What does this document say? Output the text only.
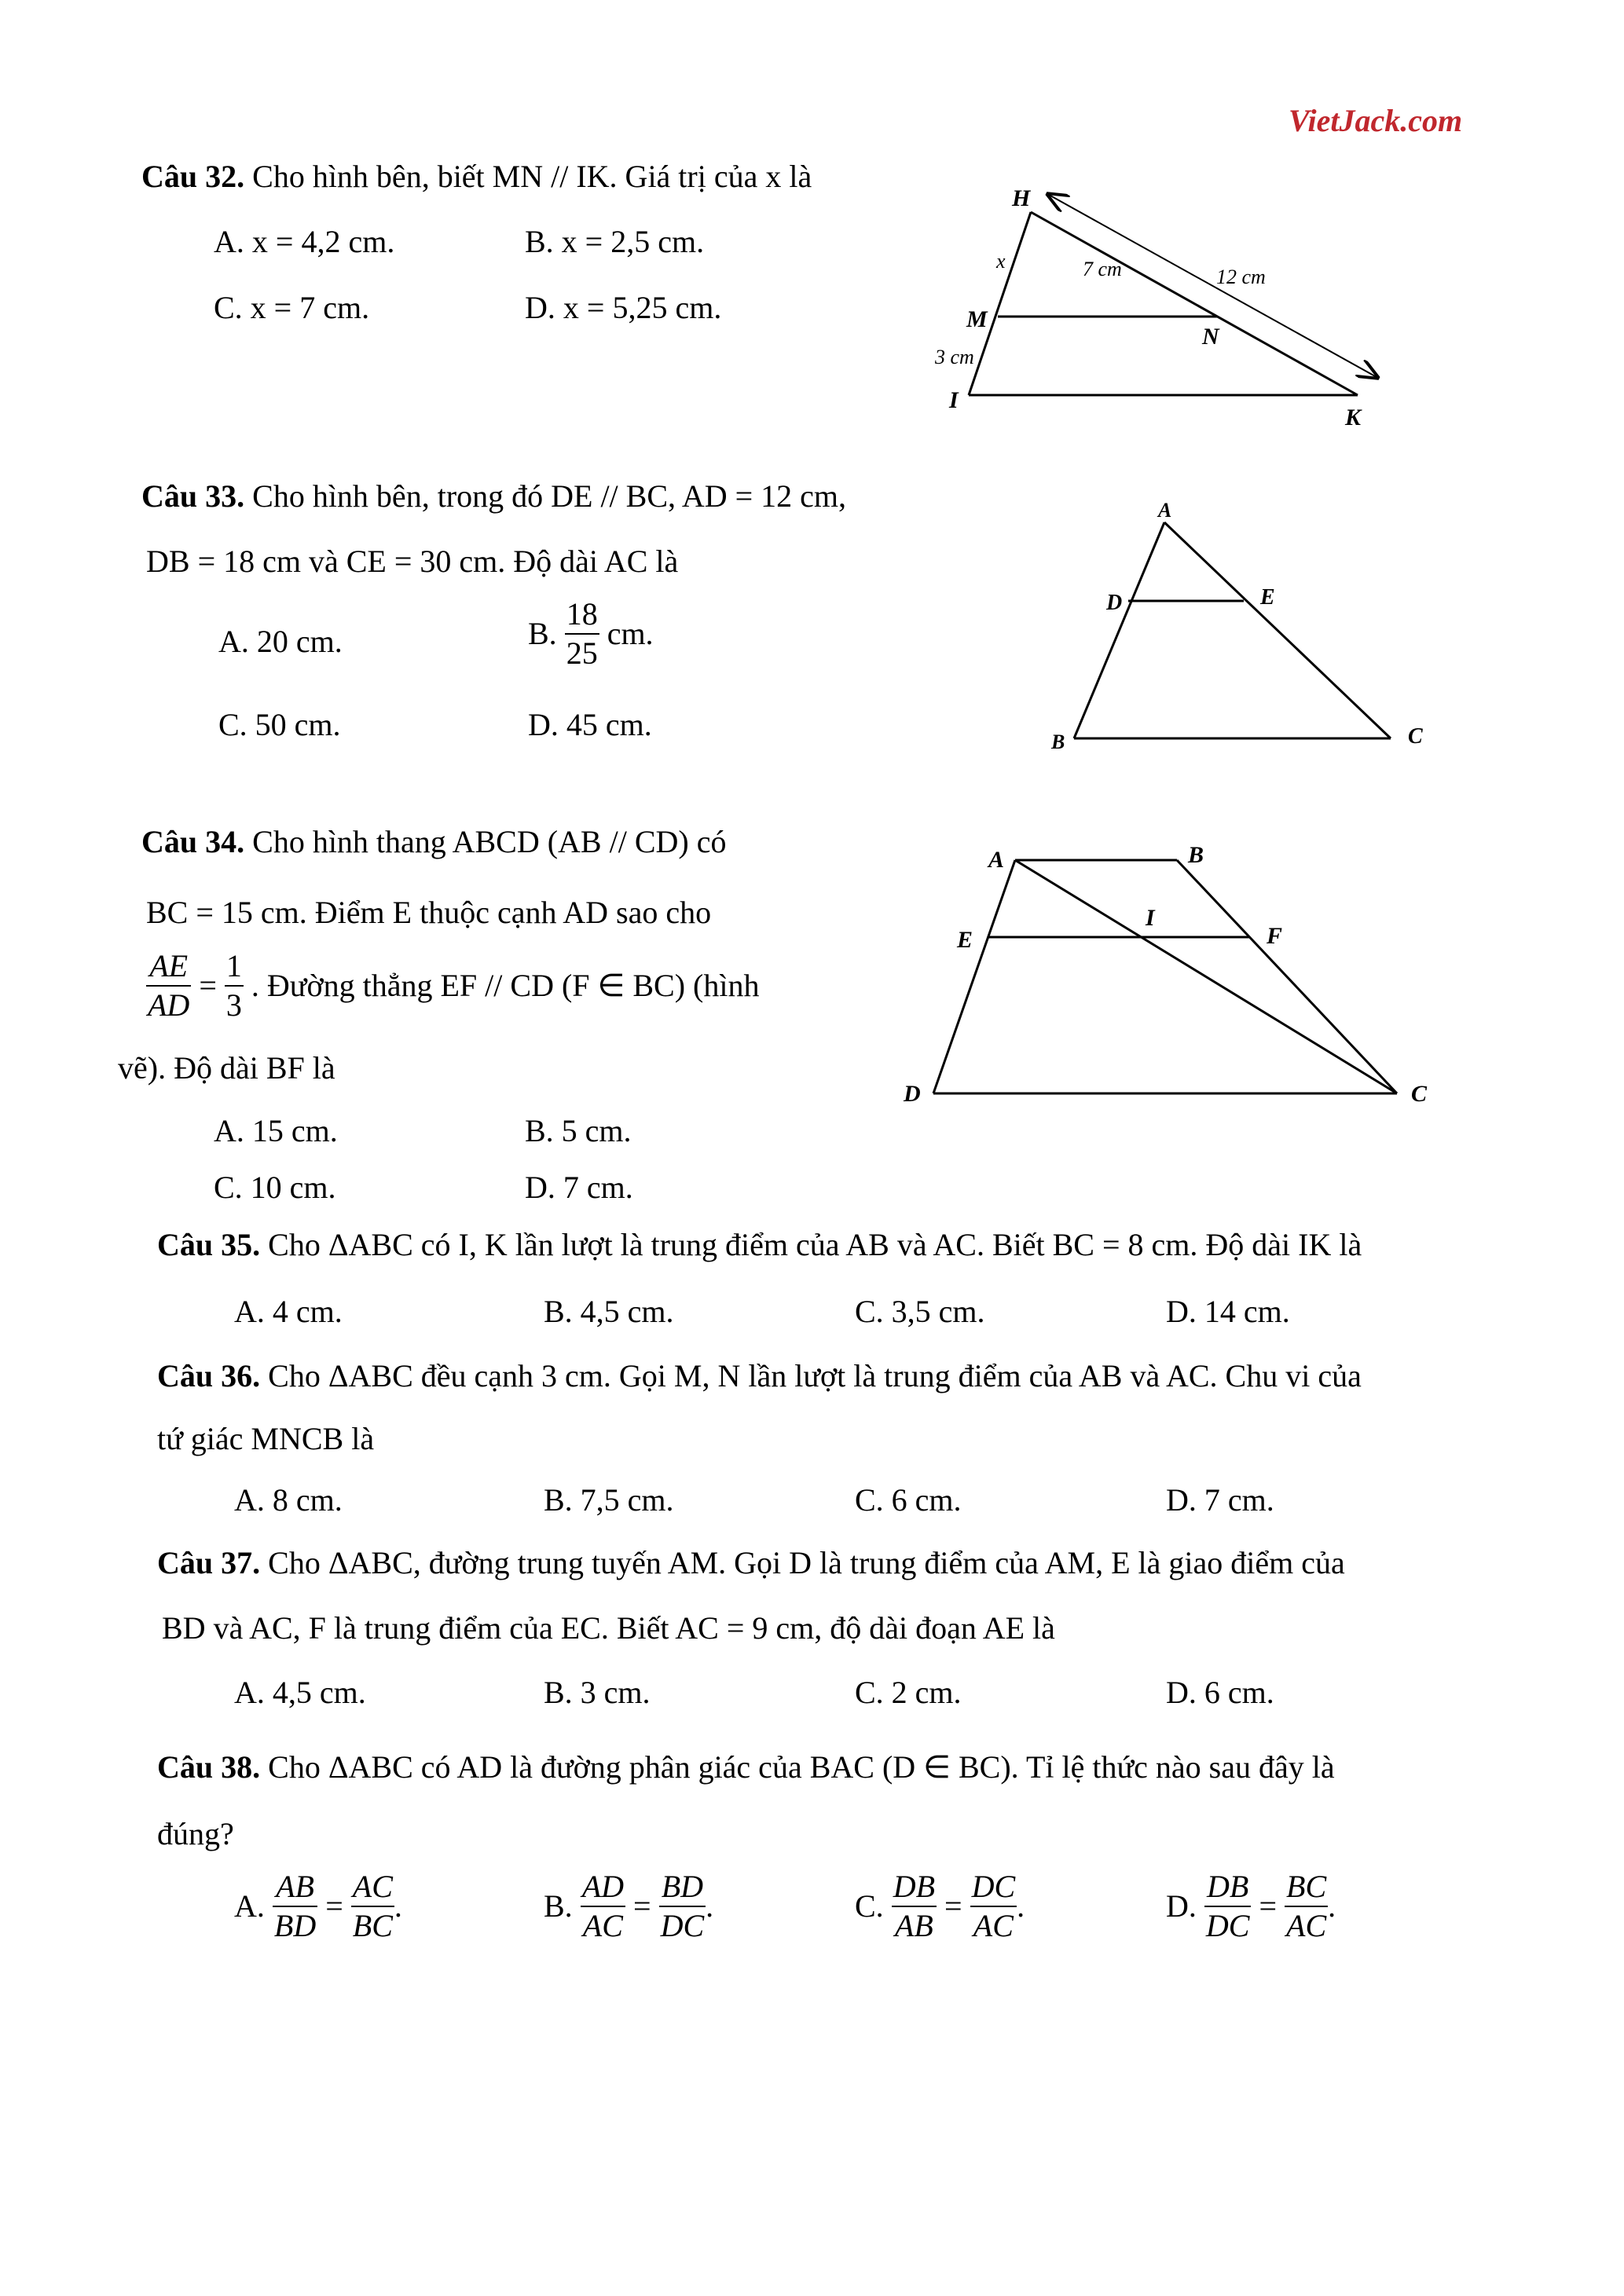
VietJack.com
Câu 32. Cho hình bên, biết MN // IK. Giá trị của x là
A. x = 4,2 cm.	B. x = 2,5 cm.
C. x = 7 cm.	D. x = 5,25 cm.
H
M
N
I
K
x	7 cm	12 cm
3 cm
Câu 33. Cho hình bên, trong đó DE // BC, AD = 12 cm,
DB = 18 cm và CE = 30 cm. Độ dài AC là
A. 20 cm.	B. $\frac{18}{25}$ cm.
C. 50 cm.	D. 45 cm.
A
D	E
B	C
Câu 34. Cho hình thang ABCD (AB // CD) có
BC = 15 cm. Điểm E thuộc cạnh AD sao cho
$\frac{AE}{AD} = \frac{1}{3}$ . Đường thẳng EF // CD (F ∈ BC) (hình
vẽ). Độ dài BF là
A. 15 cm.	B. 5 cm.
C. 10 cm.	D. 7 cm.
A	B
E
I
F
D	C
Câu 35. Cho ΔABC có I, K lần lượt là trung điểm của AB và AC. Biết BC = 8 cm. Độ dài IK là
A. 4 cm.	B. 4,5 cm.	C. 3,5 cm.	D. 14 cm.
Câu 36. Cho ΔABC đều cạnh 3 cm. Gọi M, N lần lượt là trung điểm của AB và AC. Chu vi của
tứ giác MNCB là
A. 8 cm.	B. 7,5 cm.	C. 6 cm.	D. 7 cm.
Câu 37. Cho ΔABC, đường trung tuyến AM. Gọi D là trung điểm của AM, E là giao điểm của
BD và AC, F là trung điểm của EC. Biết AC = 9 cm, độ dài đoạn AE là
A. 4,5 cm.	B. 3 cm.	C. 2 cm.	D. 6 cm.
Câu 38. Cho ΔABC có AD là đường phân giác của BAC (D ∈ BC). Tỉ lệ thức nào sau đây là
đúng?
A. $\frac{AB}{BD} = \frac{AC}{BC}$ .	B. $\frac{AD}{AC} = \frac{BD}{DC}$ .	C. $\frac{DB}{AB} = \frac{DC}{AC}$ .	D. $\frac{DB}{DC} = \frac{BC}{AC}$ .
